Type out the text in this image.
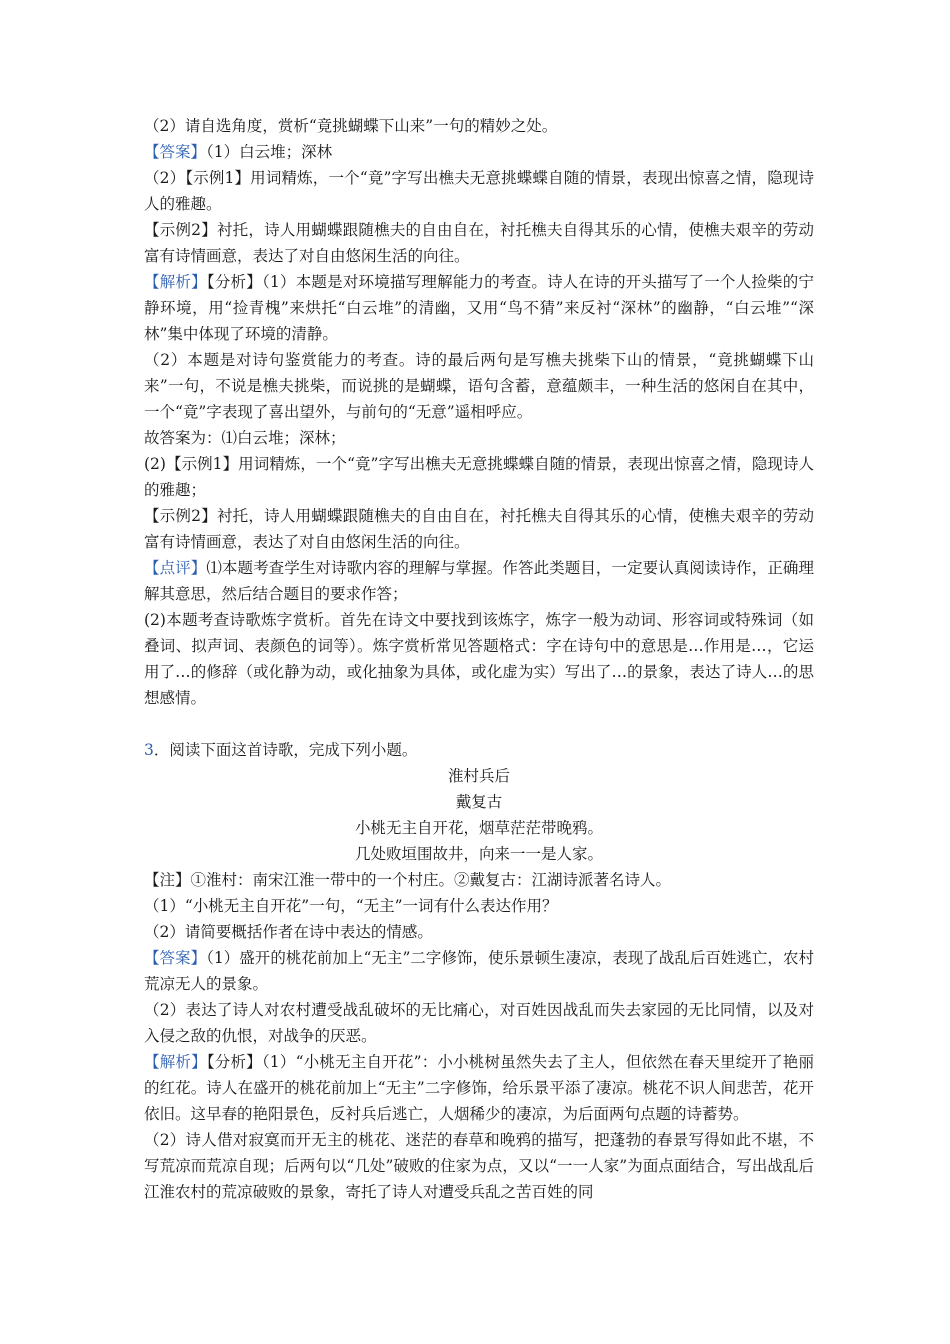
（2）请自选角度，赏析“竟挑蝴蝶下山来”一句的精妙之处。

【答案】（1）白云堆；深林

（2）【示例1】用词精炼，一个“竟”字写出樵夫无意挑蝶蝶自随的情景，表现出惊喜之情，隐现诗人的雅趣。

【示例2】衬托，诗人用蝴蝶跟随樵夫的自由自在，衬托樵夫自得其乐的心情，使樵夫艰辛的劳动富有诗情画意，表达了对自由悠闲生活的向往。

【解析】【分析】（1）本题是对环境描写理解能力的考查。诗人在诗的开头描写了一个人捡柴的宁静环境，用“捡青槐”来烘托“白云堆”的清幽，又用“鸟不猜”来反衬“深林”的幽静，“白云堆”“深林”集中体现了环境的清静。

（2）本题是对诗句鉴赏能力的考查。诗的最后两句是写樵夫挑柴下山的情景，“竟挑蝴蝶下山来”一句，不说是樵夫挑柴，而说挑的是蝴蝶，语句含蓄，意蕴颇丰，一种生活的悠闲自在其中，一个“竟”字表现了喜出望外，与前句的“无意”遥相呼应。

故答案为：⑴白云堆；深林；

(2)【示例1】用词精炼，一个“竟”字写出樵夫无意挑蝶蝶自随的情景，表现出惊喜之情，隐现诗人的雅趣；

【示例2】衬托，诗人用蝴蝶跟随樵夫的自由自在，衬托樵夫自得其乐的心情，使樵夫艰辛的劳动富有诗情画意，表达了对自由悠闲生活的向往。

【点评】⑴本题考查学生对诗歌内容的理解与掌握。作答此类题目，一定要认真阅读诗作，正确理解其意思，然后结合题目的要求作答；

(2)本题考查诗歌炼字赏析。首先在诗文中要找到该炼字，炼字一般为动词、形容词或特殊词（如叠词、拟声词、表颜色的词等）。炼字赏析常见答题格式：字在诗句中的意思是…作用是…，它运用了…的修辞（或化静为动，或化抽象为具体，或化虚为实）写出了…的景象，表达了诗人…的思想感情。

3．阅读下面这首诗歌，完成下列小题。

淮村兵后

戴复古

小桃无主自开花，烟草茫茫带晚鸦。

几处败垣围故井，向来一一是人家。

【注】①淮村：南宋江淮一带中的一个村庄。②戴复古：江湖诗派著名诗人。

（1）“小桃无主自开花”一句，“无主”一词有什么表达作用？

（2）请简要概括作者在诗中表达的情感。

【答案】（1）盛开的桃花前加上“无主”二字修饰，使乐景顿生凄凉，表现了战乱后百姓逃亡，农村荒凉无人的景象。

（2）表达了诗人对农村遭受战乱破坏的无比痛心，对百姓因战乱而失去家园的无比同情，以及对入侵之敌的仇恨，对战争的厌恶。

【解析】【分析】（1）“小桃无主自开花”：小小桃树虽然失去了主人，但依然在春天里绽开了艳丽的红花。诗人在盛开的桃花前加上“无主”二字修饰，给乐景平添了凄凉。桃花不识人间悲苦，花开依旧。这早春的艳阳景色，反衬兵后逃亡，人烟稀少的凄凉，为后面两句点题的诗蓄势。

（2）诗人借对寂寞而开无主的桃花、迷茫的春草和晚鸦的描写，把蓬勃的春景写得如此不堪，不写荒凉而荒凉自现；后两句以“几处”破败的住家为点，又以“一一人家”为面点面结合，写出战乱后江淮农村的荒凉破败的景象，寄托了诗人对遭受兵乱之苦百姓的同
